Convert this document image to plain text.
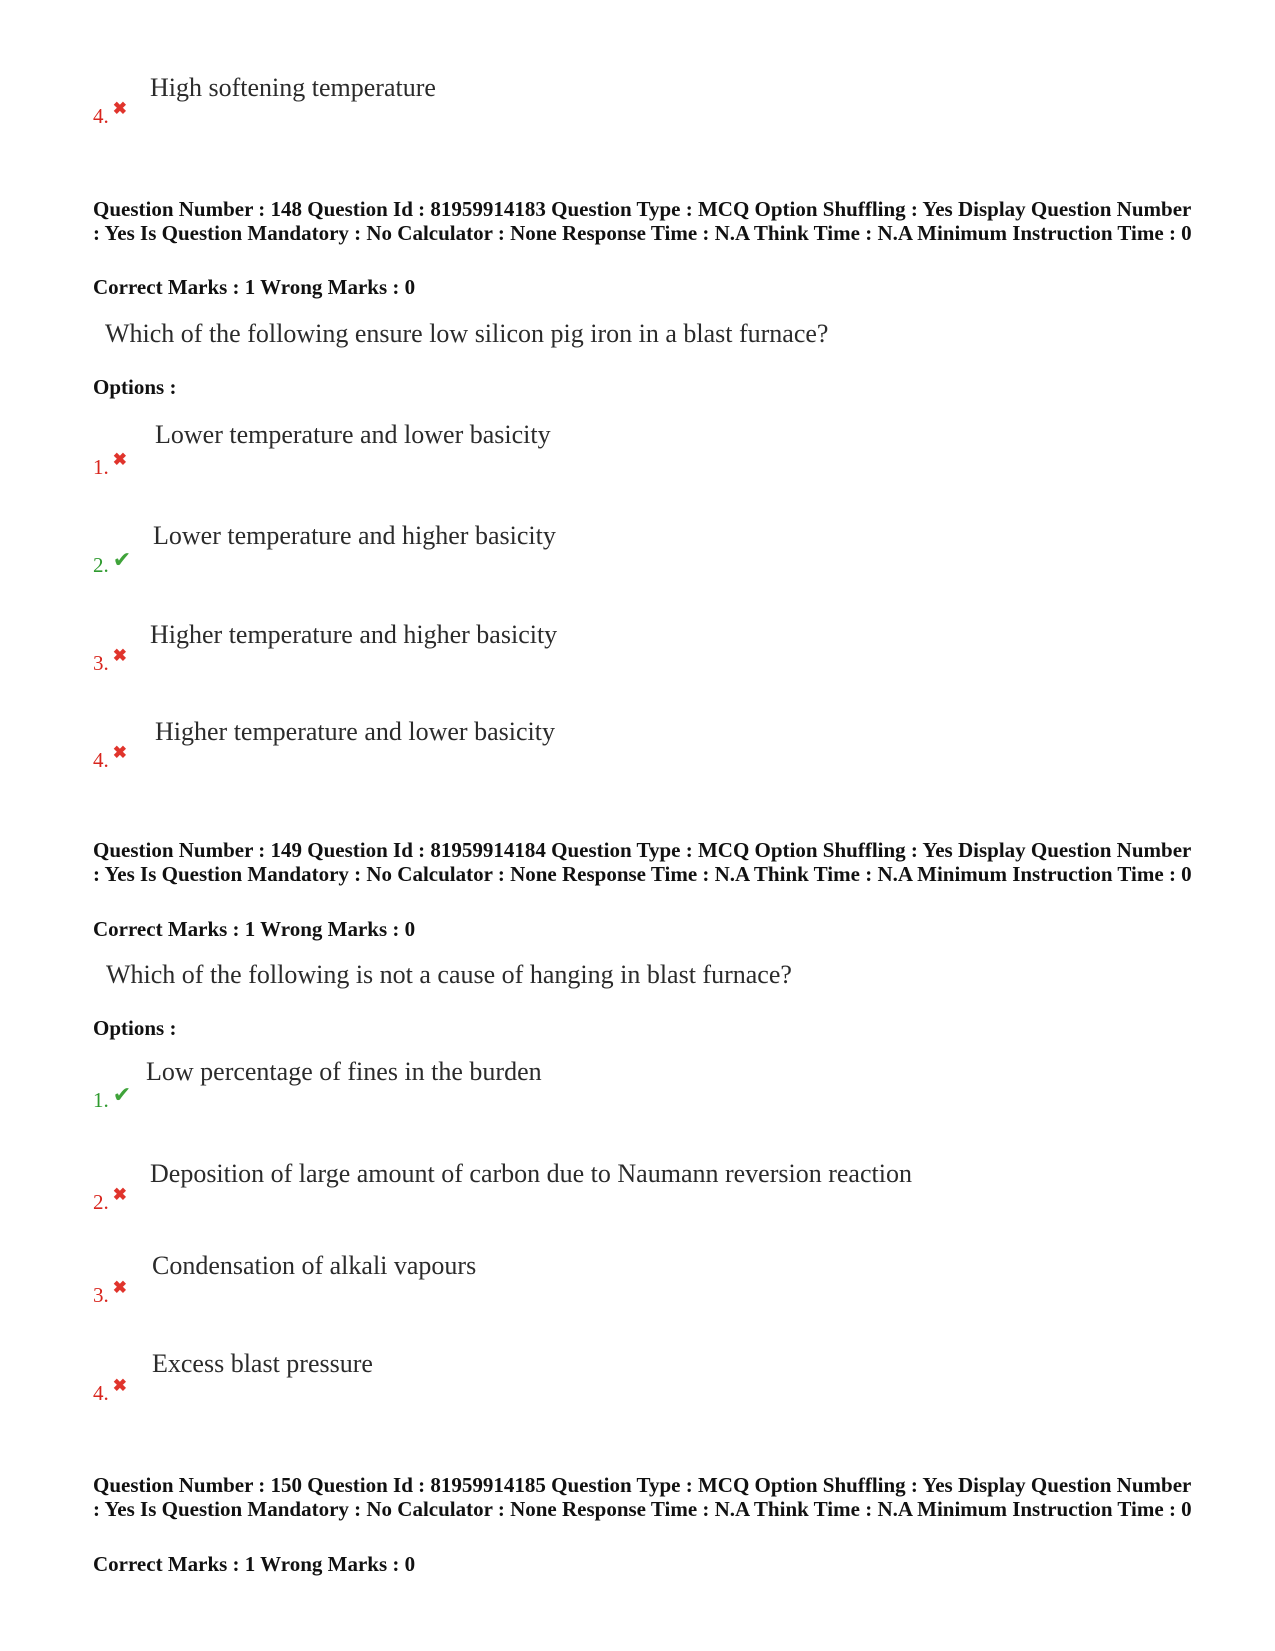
High softening temperature
4. ✖
Question Number : 148 Question Id : 81959914183 Question Type : MCQ Option Shuffling : Yes Display Question Number : Yes Is Question Mandatory : No Calculator : None Response Time : N.A Think Time : N.A Minimum Instruction Time : 0
Correct Marks : 1 Wrong Marks : 0
Which of the following ensure low silicon pig iron in a blast furnace?
Options :
Lower temperature and lower basicity
1. ✖
Lower temperature and higher basicity
2. ✔
Higher temperature and higher basicity
3. ✖
Higher temperature and lower basicity
4. ✖
Question Number : 149 Question Id : 81959914184 Question Type : MCQ Option Shuffling : Yes Display Question Number : Yes Is Question Mandatory : No Calculator : None Response Time : N.A Think Time : N.A Minimum Instruction Time : 0
Correct Marks : 1 Wrong Marks : 0
Which of the following is not a cause of hanging in blast furnace?
Options :
Low percentage of fines in the burden
1. ✔
Deposition of large amount of carbon due to Naumann reversion reaction
2. ✖
Condensation of alkali vapours
3. ✖
Excess blast pressure
4. ✖
Question Number : 150 Question Id : 81959914185 Question Type : MCQ Option Shuffling : Yes Display Question Number : Yes Is Question Mandatory : No Calculator : None Response Time : N.A Think Time : N.A Minimum Instruction Time : 0
Correct Marks : 1 Wrong Marks : 0
